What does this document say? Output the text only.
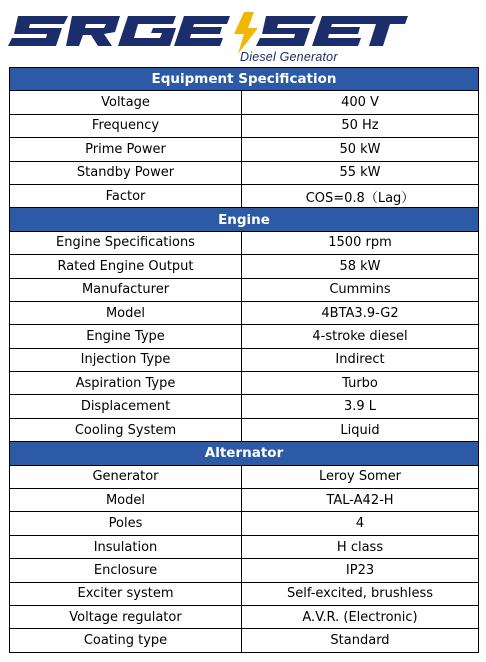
Diesel Generator
Equipment Specification	
Voltage	400 V
Frequency	50 Hz
Prime Power	50 kW
Standby Power	55 kW
Factor	COS=0.8（Lag）
Engine	
Engine Specifications	1500 rpm
Rated Engine Output	58 kW
Manufacturer	Cummins
Model	4BTA3.9-G2
Engine Type	4-stroke diesel
Injection Type	Indirect
Aspiration Type	Turbo
Displacement	3.9 L
Cooling System	Liquid
Alternator	
Generator	Leroy Somer
Model	TAL-A42-H
Poles	4
Insulation	H class
Enclosure	IP23
Exciter system	Self-excited, brushless
Voltage regulator	A.V.R. (Electronic)
Coating type	Standard
